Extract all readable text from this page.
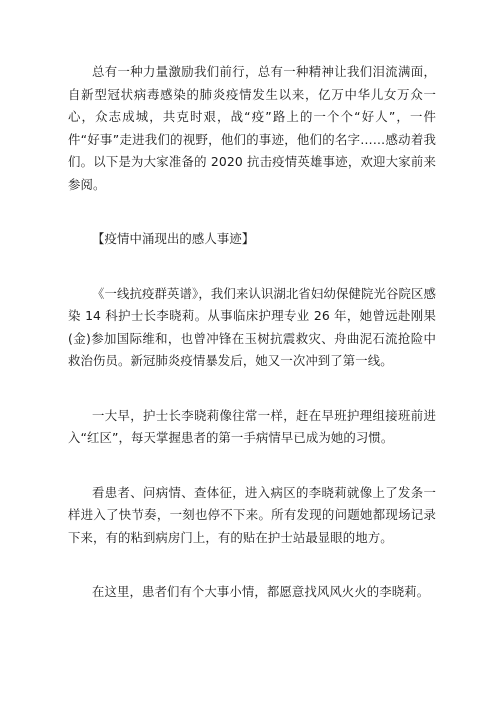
总有一种力量激励我们前行，总有一种精神让我们泪流满面，自新型冠状病毒感染的肺炎疫情发生以来，亿万中华儿女万众一心，众志成城，共克时艰，战“疫”路上的一个个“好人”，一件件“好事”走进我们的视野，他们的事迹，他们的名字……感动着我们。以下是为大家准备的 2020 抗击疫情英雄事迹，欢迎大家前来参阅。

【疫情中涌现出的感人事迹】

《一线抗疫群英谱》，我们来认识湖北省妇幼保健院光谷院区感染 14 科护士长李晓莉。从事临床护理专业 26 年，她曾远赴刚果(金)参加国际维和，也曾冲锋在玉树抗震救灾、舟曲泥石流抢险中救治伤员。新冠肺炎疫情暴发后，她又一次冲到了第一线。

一大早，护士长李晓莉像往常一样，赶在早班护理组接班前进入“红区”，每天掌握患者的第一手病情早已成为她的习惯。

看患者、问病情、查体征，进入病区的李晓莉就像上了发条一样进入了快节奏，一刻也停不下来。所有发现的问题她都现场记录下来，有的粘到病房门上，有的贴在护士站最显眼的地方。

在这里，患者们有个大事小情，都愿意找风风火火的李晓莉。
